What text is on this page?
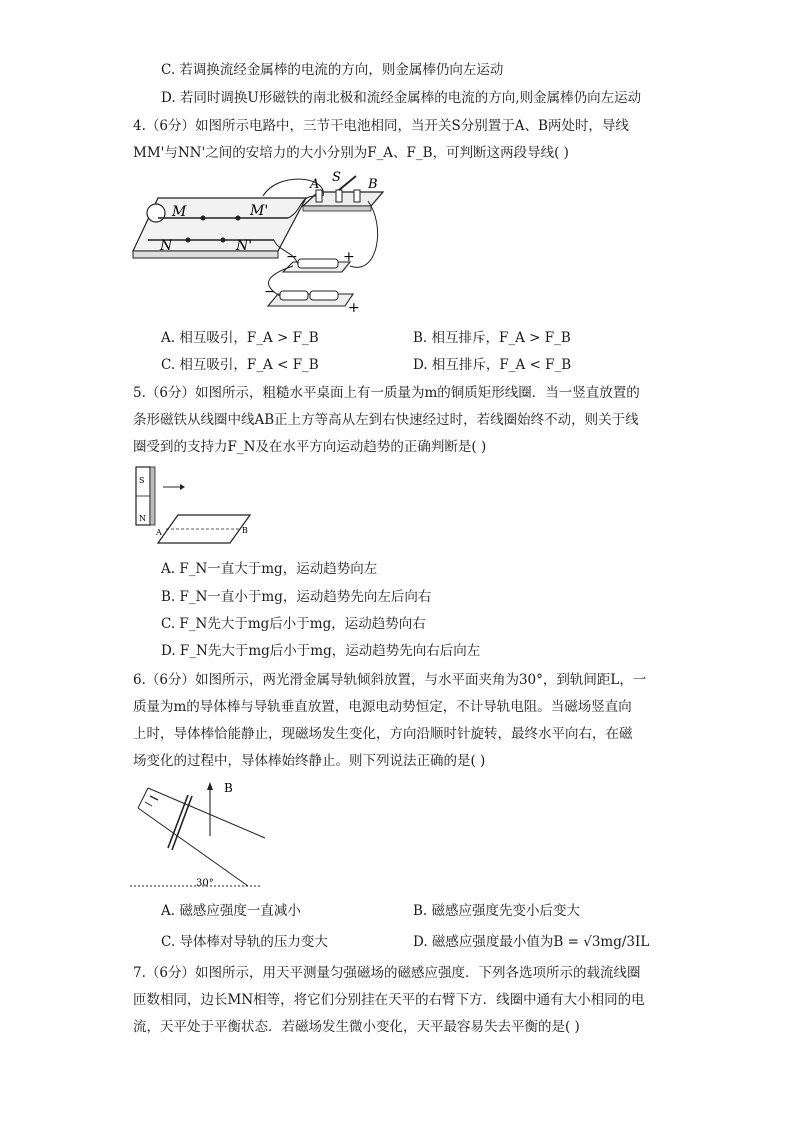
C. 若调换流经金属棒的电流的方向，则金属棒仍向左运动
D. 若同时调换U形磁铁的南北极和流经金属棒的电流的方向,则金属棒仍向左运动
4.（6分）如图所示电路中，三节干电池相同，当开关S分别置于A、B两处时，导线
MM'与NN'之间的安培力的大小分别为F_A、F_B，可判断这两段导线( )
M	M'
N	N'
A S B
−	+
−
+
A. 相互吸引，F_A > F_B	B. 相互排斥，F_A > F_B
C. 相互吸引，F_A < F_B	D. 相互排斥，F_A < F_B
5.（6分）如图所示，粗糙水平桌面上有一质量为m的铜质矩形线圈．当一竖直放置的
条形磁铁从线圈中线AB正上方等高从左到右快速经过时，若线圈始终不动，则关于线
圈受到的支持力F_N及在水平方向运动趋势的正确判断是( )
S
N
A	B
A. F_N一直大于mg，运动趋势向左
B. F_N一直小于mg，运动趋势先向左后向右
C. F_N先大于mg后小于mg，运动趋势向右
D. F_N先大于mg后小于mg，运动趋势先向右后向左
6.（6分）如图所示，两光滑金属导轨倾斜放置，与水平面夹角为30°，到轨间距L，一
质量为m的导体棒与导轨垂直放置，电源电动势恒定，不计导轨电阻。当磁场竖直向
上时，导体棒恰能静止，现磁场发生变化，方向沿顺时针旋转，最终水平向右，在磁
场变化的过程中，导体棒始终静止。则下列说法正确的是( )
B
30°
A. 磁感应强度一直减小	B. 磁感应强度先变小后变大
C. 导体棒对导轨的压力变大	D. 磁感应强度最小值为B = √3mg/3IL
7.（6分）如图所示，用天平测量匀强磁场的磁感应强度．下列各选项所示的载流线圈
匝数相同，边长MN相等，将它们分别挂在天平的右臂下方．线圈中通有大小相同的电
流，天平处于平衡状态．若磁场发生微小变化，天平最容易失去平衡的是( )
